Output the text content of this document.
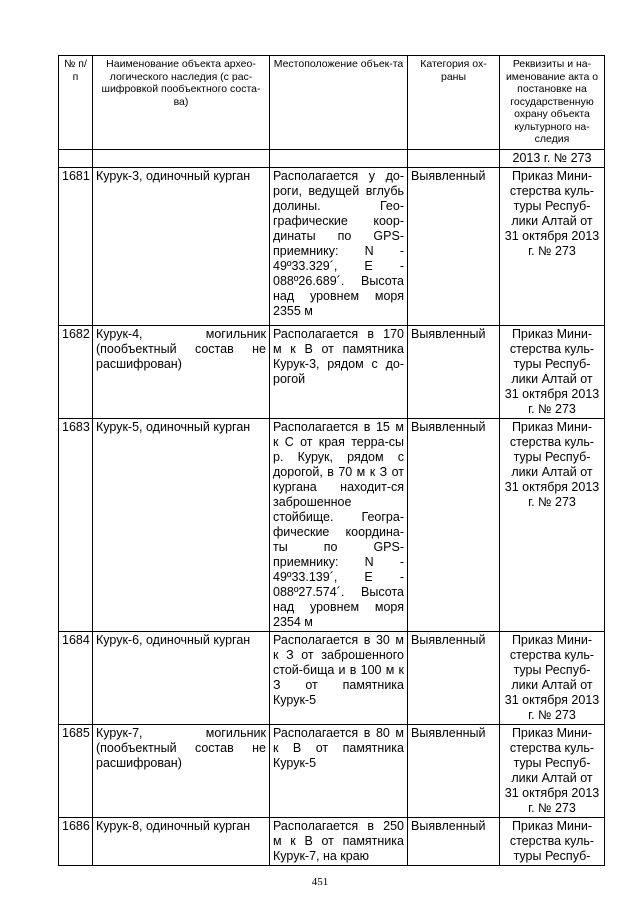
№ п/п	Наименование объекта архео-логического наследия (с рас-шифровкой пообъектного соста-ва)	Местоположение объек-та	Категория ох-раны	Реквизиты и на-именование акта о постановке на государственную охрану объекта культурного на-следия
				2013 г. № 273
1681	Курук-3, одиночный курган	Располагается у до-роги, ведущей вглубь долины. Гео-графические коор-динаты по GPS-приемнику: N - 49º33.329´, E - 088º26.689´. Высота над уровнем моря 2355 м	Выявленный	Приказ Мини-стерства куль-туры Респуб-лики Алтай от 31 октября 2013 г. № 273
1682	Курук-4, могильник (пообъектный состав не расшифрован)	Располагается в 170 м к В от памятника Курук-3, рядом с до-рогой	Выявленный	Приказ Мини-стерства куль-туры Респуб-лики Алтай от 31 октября 2013 г. № 273
1683	Курук-5, одиночный курган	Располагается в 15 м к С от края терра-сы р. Курук, рядом с дорогой, в 70 м к З от кургана находит-ся заброшенное стойбище. Геогра-фические координа-ты по GPS-приемнику: N - 49º33.139´, E - 088º27.574´. Высота над уровнем моря 2354 м	Выявленный	Приказ Мини-стерства куль-туры Респуб-лики Алтай от 31 октября 2013 г. № 273
1684	Курук-6, одиночный курган	Располагается в 30 м к З от заброшенного стой-бища и в 100 м к З от памятника Курук-5	Выявленный	Приказ Мини-стерства куль-туры Респуб-лики Алтай от 31 октября 2013 г. № 273
1685	Курук-7, могильник (пообъектный состав не расшифрован)	Располагается в 80 м к В от памятника Курук-5	Выявленный	Приказ Мини-стерства куль-туры Респуб-лики Алтай от 31 октября 2013 г. № 273
1686	Курук-8, одиночный курган	Располагается в 250 м к В от памятника Курук-7, на краю	Выявленный	Приказ Мини-стерства куль-туры Респуб-
451
